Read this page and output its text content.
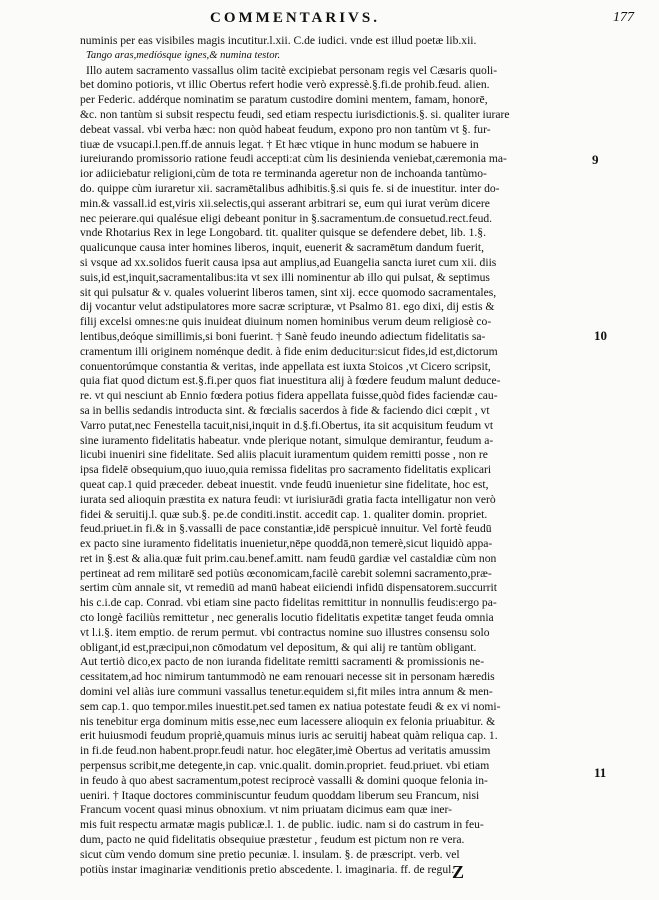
COMMENTARIVS.	177
numinis per eas visibiles magis incutitur.l.xii. C.de iudici. vnde est illud poetæ lib.xii.
Tango aras,medíósque ignes,& numina testor.
Illo autem sacramento vassallus olim tacitè excipiebat personam regis vel Cæsaris quoli-
bet domino potioris, vt illic Obertus refert hodie verò expressè.§.fi.de prohib.feud. alien.
per Federic. addérque nominatim se paratum custodire domini mentem, famam, honorē,
&c. non tantùm si subsit respectu feudi, sed etiam respectu iurisdictionis.§. si. qualiter iurare
debeat vassal. vbi verba hæc: non quòd habeat feudum, expono pro non tantùm vt §. fur-
tiuæ de vsucapi.l.pen.ff.de annuis legat. † Et hæc vtique in hunc modum se habuere in
iureiurando promissorio ratione feudi accepti:at cùm lis desinienda veniebat,cæremonia ma-
ior adiiciebatur religioni,cùm de tota re terminanda ageretur non de inchoanda tantùmo-
do. quippe cùm iuraretur xii. sacramētalibus adhibitis.§.si quis fe. si de inuestitur. inter do-
min.& vassall.id est,viris xii.selectis,qui asserant arbitrari se, eum qui iurat verùm dicere
nec peierare.qui qualésue eligi debeant ponitur in §.sacramentum.de consuetud.rect.feud.
vnde Rhotarius Rex in lege Longobard. tit. qualiter quisque se defendere debet, lib. 1.§.
qualicunque causa inter homines liberos, inquit, euenerit & sacramētum dandum fuerit,
si vsque ad xx.solidos fuerit causa ipsa aut amplius,ad Euangelia sancta iuret cum xii. diis
suis,id est,inquit,sacramentalibus:ita vt sex illi nominentur ab illo qui pulsat, & septimus
sit qui pulsatur & v. quales voluerint liberos tamen, sint xij. ecce quomodo sacramentales,
dij vocantur velut adstipulatores more sacræ scripturæ, vt Psalmo 81. ego dixi, dij estis &
filij excelsi omnes:ne quis inuideat diuinum nomen hominibus verum deum religiosè co-
lentibus,deóque simillimis,si boni fuerint. † Sanè feudo ineundo adiectum fidelitatis sa-
cramentum illi originem noménque dedit. à fide enim deducitur:sicut fides,id est,dictorum
conuentorúmque constantia & veritas, inde appellata est iuxta Stoicos ,vt Cicero scripsit,
quia fiat quod dictum est.§.fi.per quos fiat inuestitura alij à fœdere feudum malunt deduce-
re. vt qui nesciunt ab Ennio fœdera potius fidera appellata fuisse,quòd fides faciendæ cau-
sa in bellis sedandis introducta sint. & fœcialis sacerdos à fide & faciendo dici cœpit , vt
Varro putat,nec Fenestella tacuit,nisi,inquit in d.§.fi.Obertus, ita sit acquisitum feudum vt
sine iuramento fidelitatis habeatur. vnde plerique notant, simulque demirantur, feudum a-
licubi inueniri sine fidelitate. Sed aliis placuit iuramentum quidem remitti posse , non re
ipsa fidelē obsequium,quo iuuo,quia remissa fidelitas pro sacramento fidelitatis explicari
queat cap.1 quid præceder. debeat inuestit. vnde feudū inuenietur sine fidelitate, hoc est,
iurata sed alioquin præstita ex natura feudi: vt iurisiurādi gratia facta intelligatur non verò
fidei & seruitij.l. quæ sub.§. pe.de conditi.instit. accedit cap. 1. qualiter domin. propriet.
feud.priuet.in fi.& in §.vassalli de pace constantiæ,idē perspicuè innuitur. Vel fortè feudū
ex pacto sine iuramento fidelitatis inuenietur,nēpe quoddā,non temerè,sicut liquidò appa-
ret in §.est & alia.quæ fuit prim.cau.benef.amitt. nam feudū gardiæ vel castaldiæ cùm non
pertineat ad rem militarē sed potiùs œconomicam,facilè carebit solemni sacramento,præ-
sertim cùm annale sit, vt remediū ad manū habeat eiiciendi infidū dispensatorem.succurrit
his c.i.de cap. Conrad. vbi etiam sine pacto fidelitas remittitur in nonnullis feudis:ergo pa-
cto longè faciliùs remittetur , nec generalis locutio fidelitatis expetitæ tanget feuda omnia
vt l.i.§. item emptio. de rerum permut. vbi contractus nomine suo illustres consensu solo
obligant,id est,præcipui,non cōmodatum vel depositum, & qui alij re tantùm obligant.
Aut tertiò dico,ex pacto de non iuranda fidelitate remitti sacramenti & promissionis ne-
cessitatem,ad hoc nimirum tantummodò ne eam renouari necesse sit in personam hæredis
domini vel aliàs iure communi vassallus tenetur.equidem si,fit miles intra annum & men-
sem cap.1. quo tempor.miles inuestit.pet.sed tamen ex natiua potestate feudi & ex vi nomi-
nis tenebitur erga dominum mitis esse,nec eum lacessere alioquin ex felonia priuabitur. &
erit huiusmodi feudum propriè,quamuis minus iuris ac seruitij habeat quàm reliqua cap. 1.
in fi.de feud.non habent.propr.feudi natur. hoc elegāter,imè Obertus ad veritatis amussim
perpensus scribit,me detegente,in cap. vnic.qualit. domin.propriet. feud.priuet. vbi etiam
in feudo à quo abest sacramentum,potest reciprocè vassalli & domini quoque felonia in-
ueniri. † Itaque doctores comminiscuntur feudum quoddam liberum seu Francum, nisi
Francum vocent quasi minus obnoxium. vt nim priuatam dicimus eam quæ iner-
mis fuit respectu armatæ magis publicæ.l. 1. de public. iudic. nam si do castrum in feu-
dum, pacto ne quid fidelitatis obsequiue præstetur , feudum est pictum non re vera.
sicut cùm vendo domum sine pretio pecuniæ. l. insulam. §. de præscript. verb. vel
potiùs instar imaginariæ venditionis pretio abscedente. l. imaginaria. ff. de regul.
9
10
11
Z
